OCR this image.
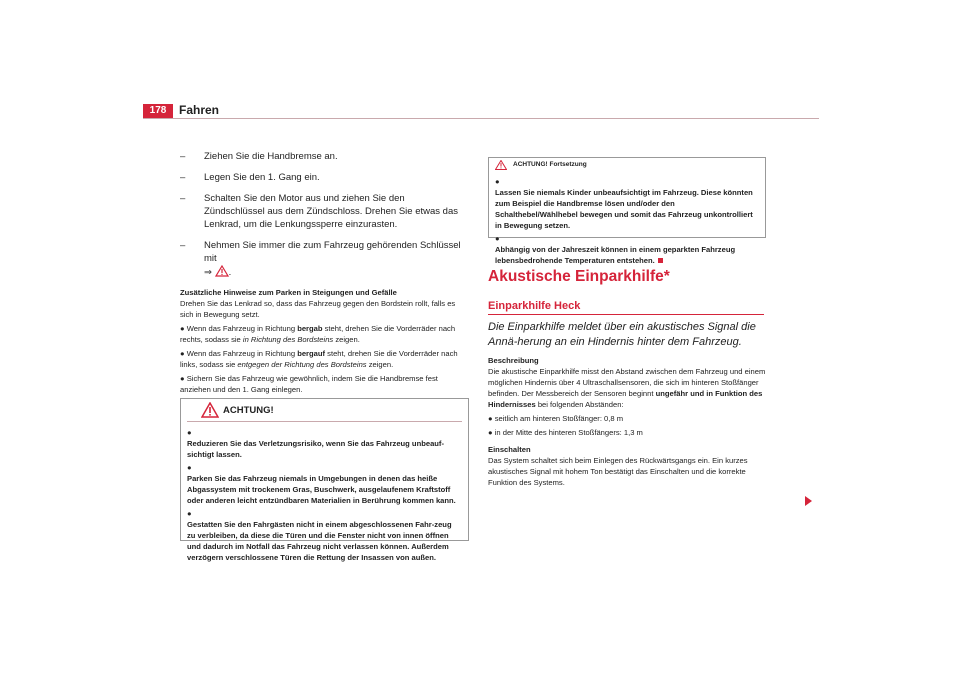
178	Fahren
– Ziehen Sie die Handbremse an.
– Legen Sie den 1. Gang ein.
– Schalten Sie den Motor aus und ziehen Sie den Zündschlüssel aus dem Zündschloss. Drehen Sie etwas das Lenkrad, um die Lenkungssperre einzurasten.
– Nehmen Sie immer die zum Fahrzeug gehörenden Schlüssel mit
⇒ .
Zusätzliche Hinweise zum Parken in Steigungen und Gefälle

Drehen Sie das Lenkrad so, dass das Fahrzeug gegen den Bordstein rollt, falls es sich in Bewegung setzt.

● Wenn das Fahrzeug in Richtung bergab steht, drehen Sie die Vorderräder nach rechts, sodass sie in Richtung des Bordsteins zeigen.

● Wenn das Fahrzeug in Richtung bergauf steht, drehen Sie die Vorderräder nach links, sodass sie entgegen der Richtung des Bordsteins zeigen.

● Sichern Sie das Fahrzeug wie gewöhnlich, indem Sie die Handbremse fest anziehen und den 1. Gang einlegen.

ACHTUNG!

●
Reduzieren Sie das Verletzungsrisiko, wenn Sie das Fahrzeug unbeauf-sichtigt lassen.

●
Parken Sie das Fahrzeug niemals in Umgebungen in denen das heiße Abgassystem mit trockenem Gras, Buschwerk, ausgelaufenem Kraftstoff oder anderen leicht entzündbaren Materialien in Berührung kommen kann.

●
Gestatten Sie den Fahrgästen nicht in einem abgeschlossenen Fahr-zeug zu verbleiben, da diese die Türen und die Fenster nicht von innen öffnen und dadurch im Notfall das Fahrzeug nicht verlassen können. Außerdem verzögern verschlossene Türen die Rettung der Insassen von außen.

ACHTUNG! Fortsetzung

●
Lassen Sie niemals Kinder unbeaufsichtigt im Fahrzeug. Diese könnten zum Beispiel die Handbremse lösen und/oder den Schalthebel/Wählhebel bewegen und somit das Fahrzeug unkontrolliert in Bewegung setzen.

●
Abhängig von der Jahreszeit können in einem geparkten Fahrzeug lebensbedrohende Temperaturen entstehen.

Akustische Einparkhilfe*
Einparkhilfe Heck
Die Einparkhilfe meldet über ein akustisches Signal die Annä-herung an ein Hindernis hinter dem Fahrzeug.
Beschreibung

Die akustische Einparkhilfe misst den Abstand zwischen dem Fahrzeug und einem möglichen Hindernis über 4 Ultraschallsensoren, die sich im hinteren Stoßfänger befinden. Der Messbereich der Sensoren beginnt ungefähr und in Funktion des Hindernisses bei folgenden Abständen:

● seitlich am hinteren Stoßfänger: 0,8 m

● in der Mitte des hinteren Stoßfängers: 1,3 m

Einschalten

Das System schaltet sich beim Einlegen des Rückwärtsgangs ein. Ein kurzes akustisches Signal mit hohem Ton bestätigt das Einschalten und die korrekte Funktion des Systems.
